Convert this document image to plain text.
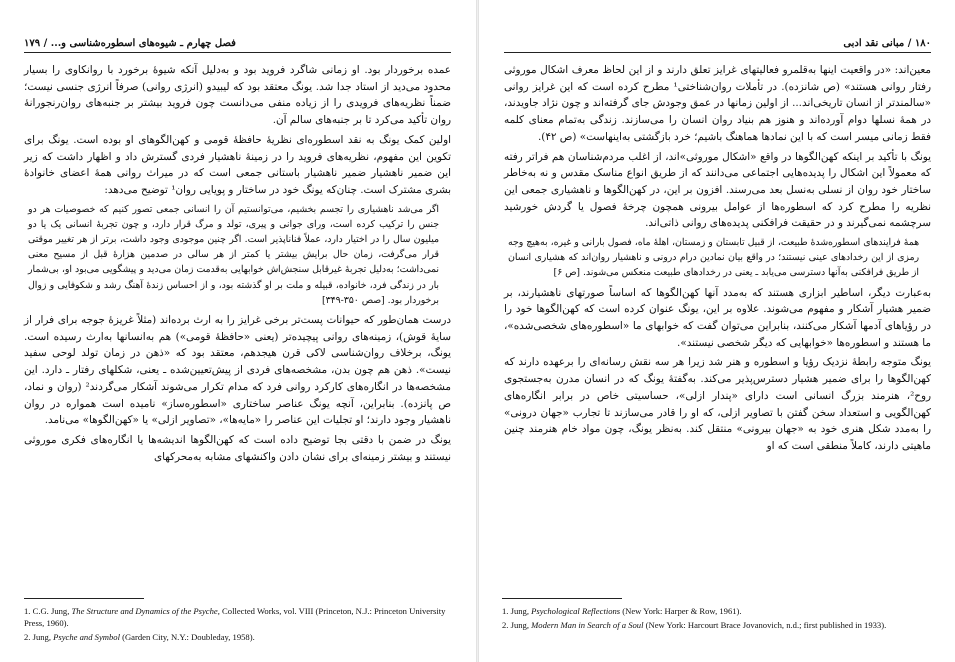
فصل چهارم ـ شیوه‌های اسطوره‌شناسی و... / ۱۷۹

عمده برخوردار بود. او زمانی شاگرد فروید بود و به‌دلیل آنکه شیوهٔ برخورد با روانکاوی را بسیار محدود می‌دید از استاد جدا شد. یونگ معتقد بود که لیبیدو (انرژی روانی) صرفاً انرژی جنسی نیست؛ ضمناً نظریه‌های فرویدی را از زیاده منفی می‌دانست چون فروید بیشتر بر جنبه‌های روان‌رنجورانهٔ روان تأکید می‌کرد تا بر جنبه‌های سالم آن.

اولین کمک یونگ به نقد اسطوره‌ای نظریهٔ حافظهٔ قومی و کهن‌الگوهای او بوده است. یونگ برای تکوین این مفهوم، نظریه‌های فروید را در زمینهٔ ناهشیار فردی گسترش داد و اظهار داشت که زیر این ضمیر ناهشیار ضمیر ناهشیار باستانی جمعی است که در میراث روانی همهٔ اعضای خانوادهٔ بشری مشترک است. چنان‌که یونگ خود در ساختار و پویایی روان¹ توضیح می‌دهد:

اگر می‌شد ناهشیاری را تجسم بخشیم، می‌توانستیم آن را انسانی جمعی تصور کنیم که خصوصیات هر دو جنس را ترکیب کرده است، ورای جوانی و پیری، تولد و مرگ قرار دارد، و چون تجربهٔ انسانی یک یا دو میلیون سال را در اختیار دارد، عملاً فناناپذیر است. اگر چنین موجودی وجود داشت، برتر از هر تغییر موقتی قرار می‌گرفت، زمان حال برایش بیشتر یا کمتر از هر سالی در صدمین هزارهٔ قبل از مسیح معنی نمی‌داشت؛ به‌دلیل تجربهٔ غیرقابل سنجش‌اش خوابهایی به‌قدمت زمان می‌دید و پیشگویی می‌بود او، بی‌شمار بار در زندگی فرد، خانواده، قبیله و ملت بر او گذشته بود، و از احساس زندهٔ آهنگ رشد و شکوفایی و زوال برخوردار بود. [صص ۳۵۰-۳۴۹]

درست همان‌طور که حیوانات پست‌تر برخی غرایز را به ارث برده‌اند (مثلاً غریزهٔ جوجه برای فرار از سایهٔ قوش)، زمینه‌های روانی پیچیده‌تر (یعنی «حافظهٔ قومی») هم به‌انسانها به‌ارث رسیده است. یونگ، برخلاف روان‌شناسی لاکی قرن هیجدهم، معتقد بود که «ذهن در زمان تولد لوحی سفید نیست». ذهن هم چون بدن، مشخصه‌های فردی از پیش‌تعیین‌شده ـ یعنی، شکلهای رفتار ـ دارد. این مشخصه‌ها در انگاره‌های کارکرد روانی فرد که مدام تکرار می‌شوند آشکار می‌گردند² (روان و نماد، ص پانزده). بنابراین، آنچه یونگ عناصر ساختاری «اسطوره‌ساز» نامیده است همواره در روان ناهشیار وجود دارند؛ او تجلیات این عناصر را «مایه‌ها»، «تصاویر ازلی» یا «کهن‌الگوها» می‌نامد.

یونگ در ضمن با دقتی بجا توضیح داده است که کهن‌الگوها اندیشه‌ها یا انگاره‌های فکری موروثی نیستند و بیشتر زمینه‌ای برای نشان دادن واکنشهای مشابه به‌محرکهای

1. C.G. Jung, The Structure and Dynamics of the Psyche, Collected Works, vol. VIII (Princeton, N.J.: Princeton University Press, 1960).
2. Jung, Psyche and Symbol (Garden City, N.Y.: Doubleday, 1958).
۱۸۰ / مبانی نقد ادبی

معین‌اند: «در واقعیت اینها به‌قلمرو فعالیتهای غرایز تعلق دارند و از این لحاظ معرف اشکال موروثی رفتار روانی هستند» (ص شانزده). در تأملات روان‌شناختی¹ مطرح کرده است که این غرایز روانی «سالمندتر از انسان تاریخی‌اند... از اولین زمانها در عمق وجودش جای گرفته‌اند و چون نژاد جاویدند، در همهٔ نسلها دوام آورده‌اند و هنوز هم بنیاد روان انسان را می‌سازند. زندگی به‌تمام معنای کلمه فقط زمانی میسر است که با این نمادها هماهنگ باشیم؛ خرد بازگشتی به‌اینهاست» (ص ۴۲).

یونگ با تأکید بر اینکه کهن‌الگوها در واقع «اشکال موروثی»اند، از اغلب مردم‌شناسان هم فراتر رفته که معمولاً این اشکال را پدیده‌هایی اجتماعی می‌دانند که از طریق انواع مناسک مقدس و نه به‌خاطر ساختار خود روان از نسلی به‌نسل بعد می‌رسند. افزون بر این، در کهن‌الگوها و ناهشیاری جمعی این نظریه را مطرح کرد که اسطوره‌ها از عوامل بیرونی همچون چرخهٔ فصول یا گردش خورشید سرچشمه نمی‌گیرند و در حقیقت فرافکنی پدیده‌های روانی ذاتی‌اند.

همهٔ فرایندهای اسطوره‌شدهٔ طبیعت، از قبیل تابستان و زمستان، اهلهٔ ماه، فصول بارانی و غیره، به‌هیچ وجه رمزی از این رخدادهای عینی نیستند؛ در واقع بیان نمادین درام درونی و ناهشیار روان‌اند که هشیاری انسان از طریق فرافکنی به‌آنها دسترسی می‌یابد ـ یعنی در رخدادهای طبیعت منعکس می‌شوند. [ص ۶]

به‌عبارت دیگر، اساطیر ابزاری هستند که به‌مدد آنها کهن‌الگوها که اساساً صورتهای ناهشیارند، بر ضمیر هشیار آشکار و مفهوم می‌شوند. علاوه بر این، یونگ عنوان کرده است که کهن‌الگوها خود را در رؤیاهای آدمها آشکار می‌کنند، بنابراین می‌توان گفت که خوابهای ما «اسطوره‌های شخصی‌شده»، ما هستند و اسطوره‌ها «خوابهایی که دیگر شخصی نیستند».

یونگ متوجه رابطهٔ نزدیک رؤیا و اسطوره و هنر شد زیرا هر سه نقش رسانه‌ای را برعهده دارند که کهن‌الگوها را برای ضمیر هشیار دسترس‌پذیر می‌کند. به‌گفتهٔ یونگ که در انسان مدرن به‌جستجوی روح²، هنرمند بزرگ انسانی است دارای «پندار ازلی»، حساسیتی خاص در برابر انگاره‌های کهن‌الگویی و استعداد سخن گفتن با تصاویر ازلی، که او را قادر می‌سازند تا تجارب «جهان درونی» را به‌مدد شکل هنری خود به «جهان بیرونی» منتقل کند. به‌نظر یونگ، چون مواد خام هنرمند چنین ماهیتی دارند، کاملاً منطقی است که او

1. Jung, Psychological Reflections (New York: Harper & Row, 1961).
2. Jung, Modern Man in Search of a Soul (New York: Harcourt Brace Jovanovich, n.d.; first published in 1933).
